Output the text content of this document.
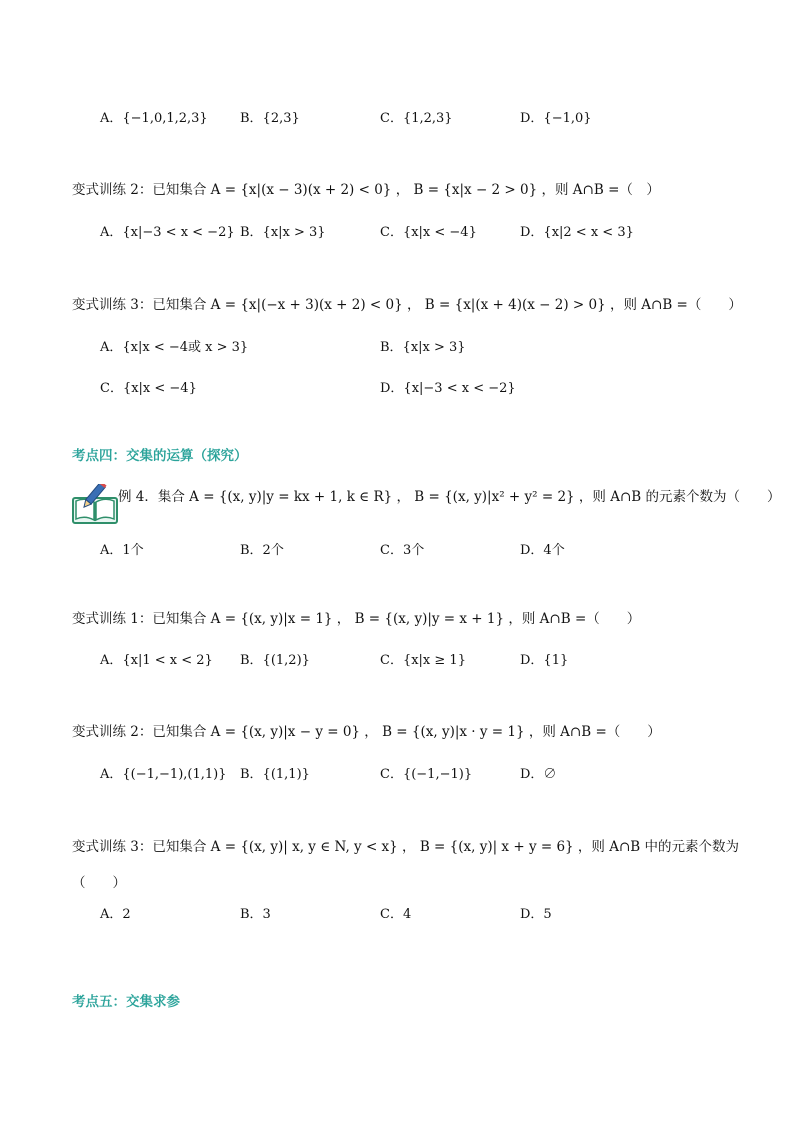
A．{−1,0,1,2,3} B．{2,3}	C．{1,2,3}	D．{−1,0}
变式训练 2：已知集合 A = {x|(x − 3)(x + 2) < 0} ， B = {x|x − 2 > 0} ，则 A∩B =（　）
A．{x|−3 < x < −2} B．{x|x > 3}	C．{x|x < −4}	D．{x|2 < x < 3}
变式训练 3：已知集合 A = {x|(−x + 3)(x + 2) < 0} ， B = {x|(x + 4)(x − 2) > 0} ，则 A∩B =（　　）
A．{x|x < −4或 x > 3}	B．{x|x > 3}
C．{x|x < −4}	D．{x|−3 < x < −2}
考点四：交集的运算（探究）
例 4．集合 A = {(x, y)|y = kx + 1, k ∈ R} ， B = {(x, y)|x² + y² = 2} ，则 A∩B 的元素个数为（　　）
A．1个	B．2个	C．3个	D．4个
变式训练 1：已知集合 A = {(x, y)|x = 1} ， B = {(x, y)|y = x + 1} ，则 A∩B =（　　）
A．{x|1 < x < 2} B．{(1,2)}	C．{x|x ≥ 1}	D．{1}
变式训练 2：已知集合 A = {(x, y)|x − y = 0} ， B = {(x, y)|x · y = 1} ，则 A∩B =（　　）
A．{(−1,−1),(1,1)} B．{(1,1)}	C．{(−1,−1)}	D．∅
变式训练 3：已知集合 A = {(x, y)| x, y ∈ N, y < x} ， B = {(x, y)| x + y = 6} ，则 A∩B 中的元素个数为
（　　）
A．2	B．3	C．4	D．5
考点五：交集求参
